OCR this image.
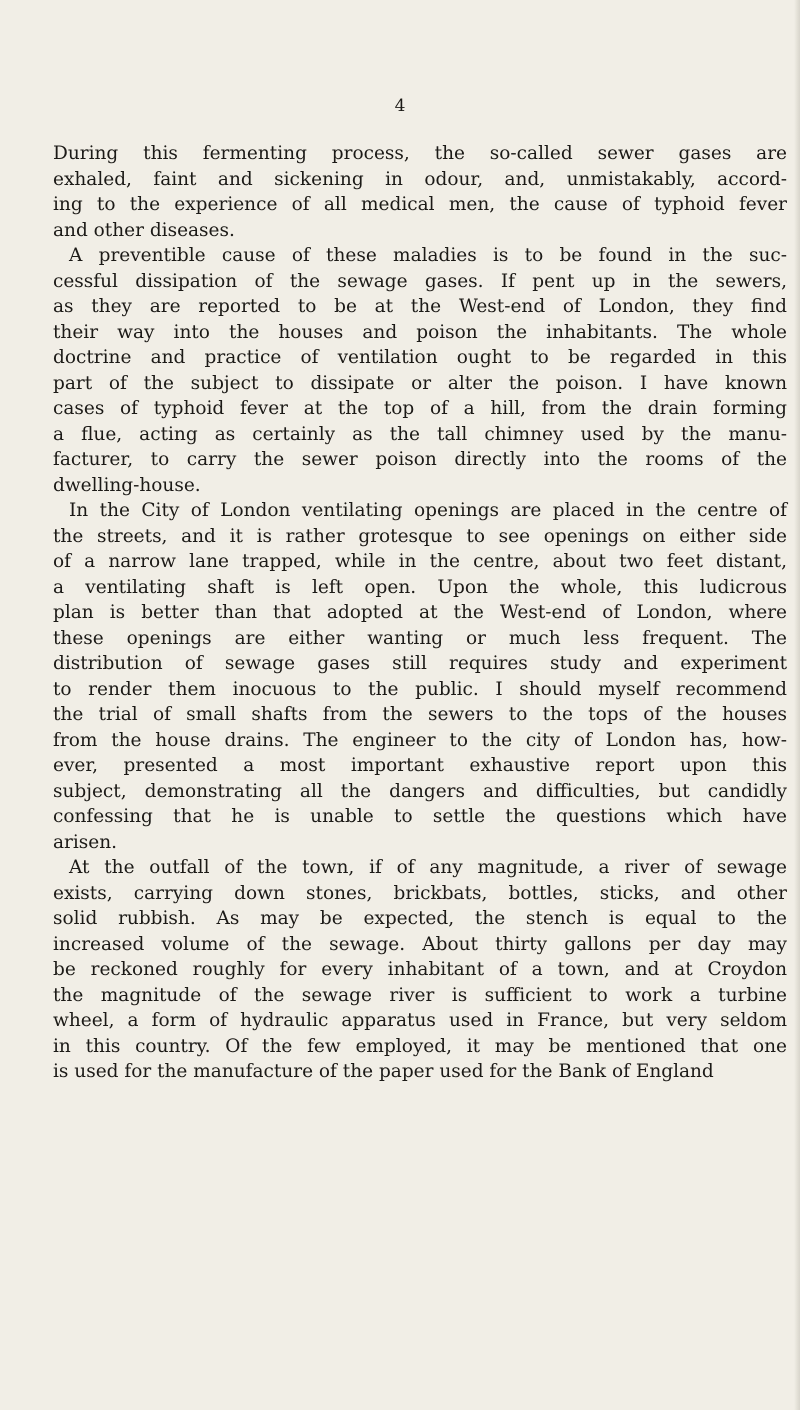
4
During this fermenting process, the so-called sewer gases are
exhaled, faint and sickening in odour, and, unmistakably, accord-
ing to the experience of all medical men, the cause of typhoid fever
and other diseases.
A preventible cause of these maladies is to be found in the suc-
cessful dissipation of the sewage gases. If pent up in the sewers,
as they are reported to be at the West-end of London, they find
their way into the houses and poison the inhabitants. The whole
doctrine and practice of ventilation ought to be regarded in this
part of the subject to dissipate or alter the poison. I have known
cases of typhoid fever at the top of a hill, from the drain forming
a flue, acting as certainly as the tall chimney used by the manu-
facturer, to carry the sewer poison directly into the rooms of the
dwelling-house.
In the City of London ventilating openings are placed in the centre of
the streets, and it is rather grotesque to see openings on either side
of a narrow lane trapped, while in the centre, about two feet distant,
a ventilating shaft is left open. Upon the whole, this ludicrous
plan is better than that adopted at the West-end of London, where
these openings are either wanting or much less frequent. The
distribution of sewage gases still requires study and experiment
to render them inocuous to the public. I should myself recommend
the trial of small shafts from the sewers to the tops of the houses
from the house drains. The engineer to the city of London has, how-
ever, presented a most important exhaustive report upon this
subject, demonstrating all the dangers and difficulties, but candidly
confessing that he is unable to settle the questions which have
arisen.
At the outfall of the town, if of any magnitude, a river of sewage
exists, carrying down stones, brickbats, bottles, sticks, and other
solid rubbish. As may be expected, the stench is equal to the
increased volume of the sewage. About thirty gallons per day may
be reckoned roughly for every inhabitant of a town, and at Croydon
the magnitude of the sewage river is sufficient to work a turbine
wheel, a form of hydraulic apparatus used in France, but very seldom
in this country. Of the few employed, it may be mentioned that one
is used for the manufacture of the paper used for the Bank of England
